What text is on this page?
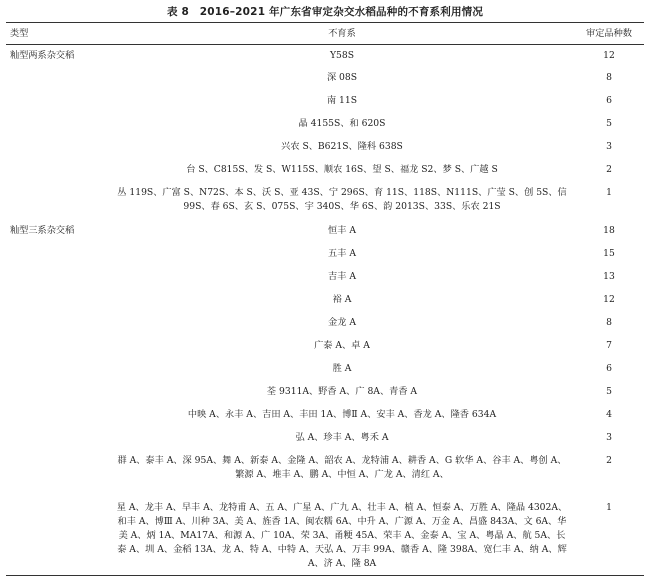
表 8　2016–2021 年广东省审定杂交水稻品种的不育系利用情况
类型	不育系	审定品种数
籼型两系杂交稻	Y58S	12
	深 08S	8
	南 11S	6
	晶 4155S、和 620S	5
	兴农 S、B621S、隆科 638S	3
	台 S、C815S、发 S、W115S、顺农 16S、望 S、福龙 S2、梦 S、广越 S	2
	丛 119S、广富 S、N72S、本 S、沃 S、亚 43S、宁 296S、育 11S、118S、N111S、广莹 S、创 5S、信 99S、春 6S、玄 S、075S、宇 340S、华 6S、韵 2013S、33S、乐农 21S	1
籼型三系杂交稻	恒丰 A	18
	五丰 A	15
	吉丰 A	13
	裕 A	12
	金龙 A	8
	广泰 A、卓 A	7
	胜 A	6
	荃 9311A、野香 A、广 8A、青香 A	5
	中映 A、永丰 A、吉田 A、丰田 1A、博Ⅱ A、安丰 A、香龙 A、隆香 634A	4
	弘 A、珍丰 A、粤禾 A	3
	群 A、泰丰 A、深 95A、舞 A、新泰 A、金隆 A、韶农 A、龙特浦 A、耕香 A、G 软华 A、谷丰 A、粤创 A、繁源 A、堆丰 A、鹏 A、中恒 A、广龙 A、清红 A、	2
	星 A、龙丰 A、早丰 A、龙特甫 A、五 A、广星 A、广九 A、壮丰 A、植 A、恒泰 A、万胜 A、隆晶 4302A、和丰 A、博Ⅲ A、川种 3A、美 A、旌香 1A、闽农糯 6A、中升 A、广源 A、万金 A、昌盛 843A、文 6A、华美 A、炳 1A、MA17A、和源 A、广 10A、荣 3A、甬粳 45A、荣丰 A、金泰 A、宝 A、粤晶 A、航 5A、长泰 A、圳 A、金稻 13A、龙 A、特 A、中特 A、天弘 A、万丰 99A、赣香 A、隆 398A、宽仁丰 A、纳 A、辉 A、济 A、隆 8A	1
